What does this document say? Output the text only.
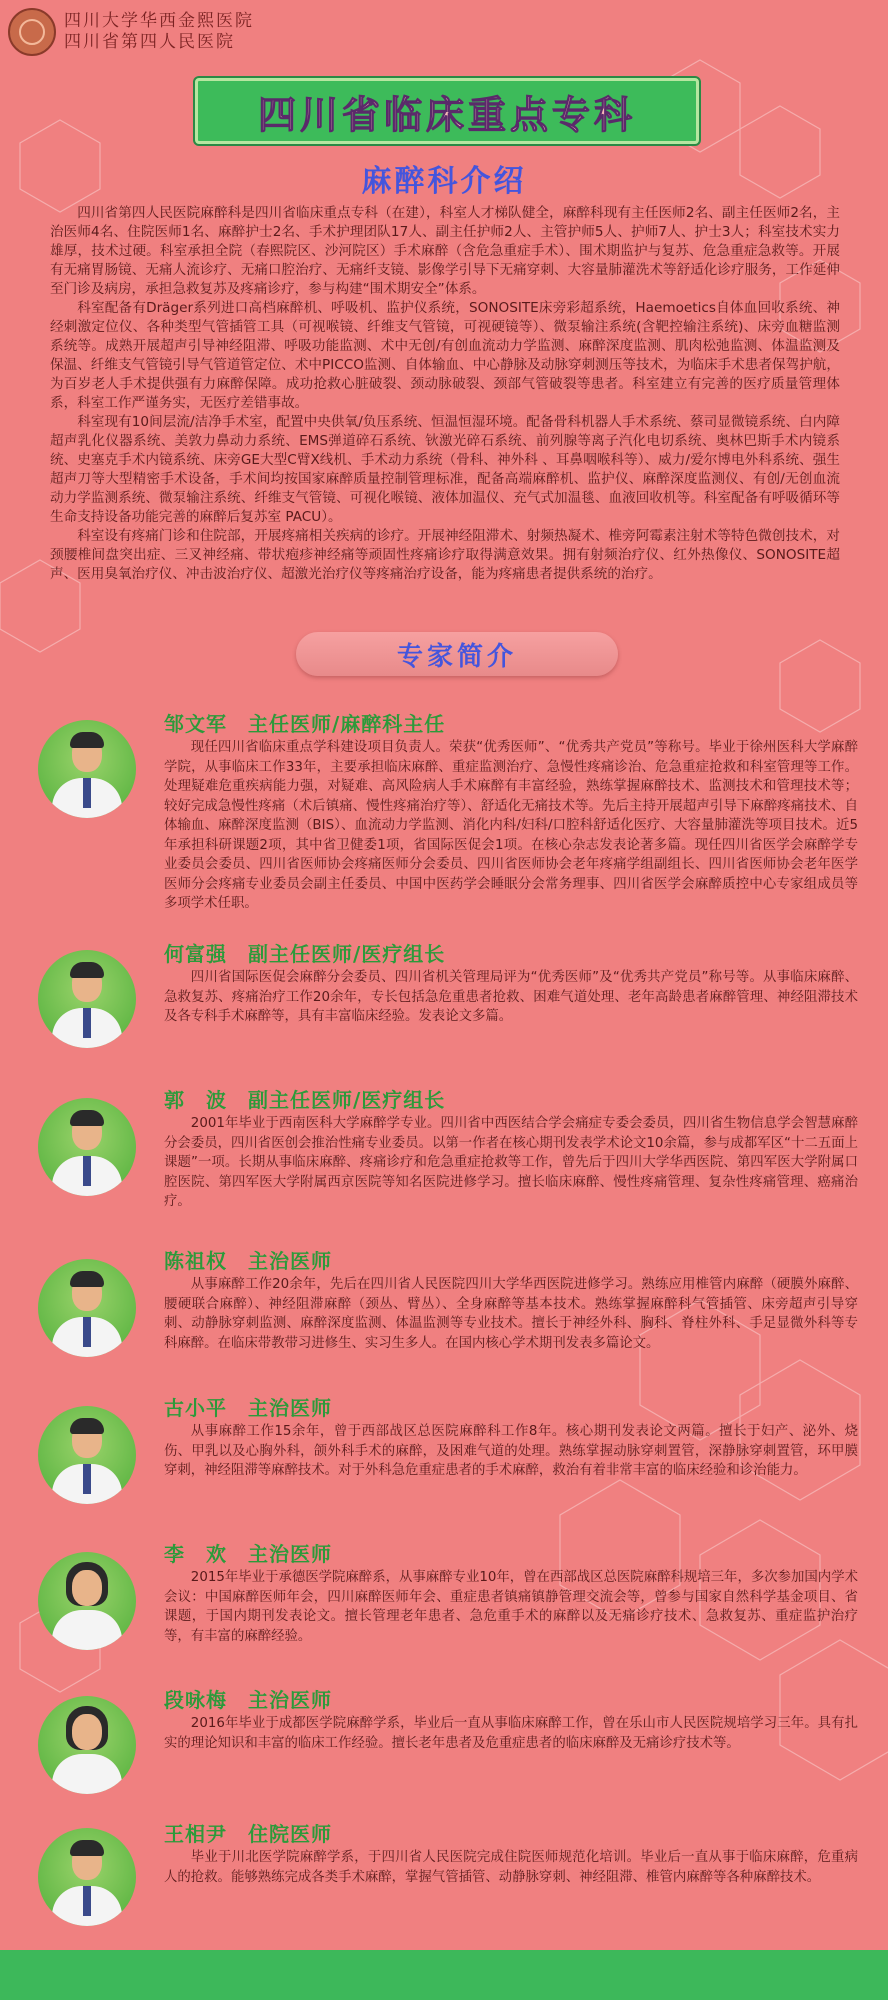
四川大学华西金熙医院
四川省第四人民医院
四川省临床重点专科
麻醉科介绍

四川省第四人民医院麻醉科是四川省临床重点专科（在建），科室人才梯队健全，麻醉科现有主任医师2名、副主任医师2名，主治医师4名、住院医师1名、麻醉护士2名、手术护理团队17人、副主任护师2人、主管护师5人、护师7人、护士3人；科室技术实力雄厚，技术过硬。科室承担全院（春熙院区、沙河院区）手术麻醉（含危急重症手术）、围术期监护与复苏、危急重症急救等。开展有无痛胃肠镜、无痛人流诊疗、无痛口腔治疗、无痛纤支镜、影像学引导下无痛穿刺、大容量肺灌洗术等舒适化诊疗服务，工作延伸至门诊及病房，承担急救复苏及疼痛诊疗，参与构建“围术期安全”体系。

科室配备有Dräger系列进口高档麻醉机、呼吸机、监护仪系统，SONOSITE床旁彩超系统，Haemoetics自体血回收系统、神经刺激定位仪、各种类型气管插管工具（可视喉镜、纤维支气管镜，可视硬镜等）、微泵输注系统(含靶控输注系统)、床旁血糖监测系统等。成熟开展超声引导神经阻滞、呼吸功能监测、术中无创/有创血流动力学监测、麻醉深度监测、肌肉松弛监测、体温监测及保温、纤维支气管镜引导气管道管定位、术中PICCO监测、自体输血、中心静脉及动脉穿刺测压等技术，为临床手术患者保驾护航，为百岁老人手术提供强有力麻醉保障。成功抢救心脏破裂、颈动脉破裂、颈部气管破裂等患者。科室建立有完善的医疗质量管理体系，科室工作严谨务实，无医疗差错事故。

科室现有10间层流/洁净手术室，配置中央供氧/负压系统、恒温恒湿环境。配备骨科机器人手术系统、蔡司显微镜系统、白内障超声乳化仪器系统、美敦力鼻动力系统、EMS弹道碎石系统、钬激光碎石系统、前列腺等离子汽化电切系统、奥林巴斯手术内镜系统、史塞克手术内镜系统、床旁GE大型C臂X线机、手术动力系统（骨科、神外科 、耳鼻咽喉科等）、威力/爱尔博电外科系统、强生超声刀等大型精密手术设备，手术间均按国家麻醉质量控制管理标准，配备高端麻醉机、监护仪、麻醉深度监测仪、有创/无创血流动力学监测系统、微泵输注系统、纤维支气管镜、可视化喉镜、液体加温仪、充气式加温毯、血液回收机等。科室配备有呼吸循环等生命支持设备功能完善的麻醉后复苏室 PACU）。

科室设有疼痛门诊和住院部，开展疼痛相关疾病的诊疗。开展神经阻滞术、射频热凝术、椎旁阿霉素注射术等特色微创技术，对颈腰椎间盘突出症、三叉神经痛、带状疱疹神经痛等顽固性疼痛诊疗取得满意效果。拥有射频治疗仪、红外热像仪、SONOSITE超声、医用臭氧治疗仪、冲击波治疗仪、超激光治疗仪等疼痛治疗设备，能为疼痛患者提供系统的治疗。

专家简介
邹文军　主任医师/麻醉科主任

现任四川省临床重点学科建设项目负责人。荣获“优秀医师”、“优秀共产党员”等称号。毕业于徐州医科大学麻醉学院，从事临床工作33年，主要承担临床麻醉、重症监测治疗、急慢性疼痛诊治、危急重症抢救和科室管理等工作。处理疑难危重疾病能力强，对疑难、高风险病人手术麻醉有丰富经验，熟练掌握麻醉技术、监测技术和管理技术等；较好完成急慢性疼痛（术后镇痛、慢性疼痛治疗等）、舒适化无痛技术等。先后主持开展超声引导下麻醉疼痛技术、自体输血、麻醉深度监测（BIS）、血流动力学监测、消化内科/妇科/口腔科舒适化医疗、大容量肺灌洗等项目技术。近5年承担科研课题2项，其中省卫健委1项，省国际医促会1项。在核心杂志发表论著多篇。现任四川省医学会麻醉学专业委员会委员、四川省医师协会疼痛医师分会委员、四川省医师协会老年疼痛学组副组长、四川省医师协会老年医学医师分会疼痛专业委员会副主任委员、中国中医药学会睡眠分会常务理事、四川省医学会麻醉质控中心专家组成员等多项学术任职。

何富强　副主任医师/医疗组长

四川省国际医促会麻醉分会委员、四川省机关管理局评为“优秀医师”及“优秀共产党员”称号等。从事临床麻醉、急救复苏、疼痛治疗工作20余年，专长包括急危重患者抢救、困难气道处理、老年高龄患者麻醉管理、神经阻滞技术及各专科手术麻醉等，具有丰富临床经验。发表论文多篇。

郭　波　副主任医师/医疗组长

2001年毕业于西南医科大学麻醉学专业。四川省中西医结合学会痛症专委会委员，四川省生物信息学会智慧麻醉分会委员，四川省医创会推治性痛专业委员。以第一作者在核心期刊发表学术论文10余篇，参与成都军区“十二五面上课题”一项。长期从事临床麻醉、疼痛诊疗和危急重症抢救等工作，曾先后于四川大学华西医院、第四军医大学附属口腔医院、第四军医大学附属西京医院等知名医院进修学习。擅长临床麻醉、慢性疼痛管理、复杂性疼痛管理、癌痛治疗。

陈祖权　主治医师

从事麻醉工作20余年，先后在四川省人民医院四川大学华西医院进修学习。熟练应用椎管内麻醉（硬膜外麻醉、腰硬联合麻醉）、神经阻滞麻醉（颈丛、臂丛）、全身麻醉等基本技术。熟练掌握麻醉科气管插管、床旁超声引导穿刺、动静脉穿刺监测、麻醉深度监测、体温监测等专业技术。擅长于神经外科、胸科、脊柱外科、手足显微外科等专科麻醉。在临床带教带习进修生、实习生多人。在国内核心学术期刊发表多篇论文。

古小平　主治医师

从事麻醉工作15余年，曾于西部战区总医院麻醉科工作8年。核心期刊发表论文两篇。擅长于妇产、泌外、烧伤、甲乳以及心胸外科，颌外科手术的麻醉，及困难气道的处理。熟练掌握动脉穿刺置管，深静脉穿刺置管，环甲膜穿刺，神经阻滞等麻醉技术。对于外科急危重症患者的手术麻醉，救治有着非常丰富的临床经验和诊治能力。

李　欢　主治医师

2015年毕业于承德医学院麻醉系，从事麻醉专业10年，曾在西部战区总医院麻醉科规培三年，多次参加国内学术会议：中国麻醉医师年会，四川麻醉医师年会、重症患者镇痛镇静管理交流会等，曾参与国家自然科学基金项目、省课题，于国内期刊发表论文。擅长管理老年患者、急危重手术的麻醉以及无痛诊疗技术、急救复苏、重症监护治疗等，有丰富的麻醉经验。

段咏梅　主治医师

2016年毕业于成都医学院麻醉学系，毕业后一直从事临床麻醉工作，曾在乐山市人民医院规培学习三年。具有扎实的理论知识和丰富的临床工作经验。擅长老年患者及危重症患者的临床麻醉及无痛诊疗技术等。

王相尹　住院医师

毕业于川北医学院麻醉学系，于四川省人民医院完成住院医师规范化培训。毕业后一直从事于临床麻醉，危重病人的抢救。能够熟练完成各类手术麻醉，掌握气管插管、动静脉穿刺、神经阻滞、椎管内麻醉等各种麻醉技术。
